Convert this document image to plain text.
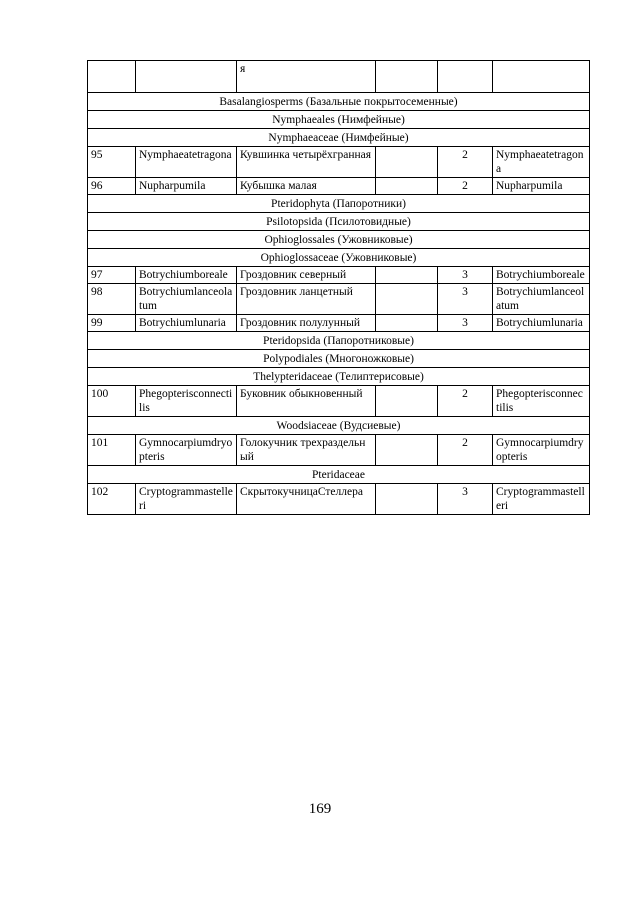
		я			
Basalangiosperms (Базальные покрытосеменные)					
Nymphaeales (Нимфейные)					
Nymphaeaceae (Нимфейные)					
95	Nymphaeatetragona	Кувшинка четырёхгранная		2	Nymphaeatetragona
96	Nupharpumila	Кубышка малая		2	Nupharpumila
Pteridophyta (Папоротники)					
Psilotopsida (Псилотовидные)					
Ophioglossales (Ужовниковые)					
Ophioglossaceae (Ужовниковые)					
97	Botrychiumboreale	Гроздовник северный		3	Botrychiumboreale
98	Botrychiumlanceolatum	Гроздовник ланцетный		3	Botrychiumlanceolatum
99	Botrychiumlunaria	Гроздовник полулунный		3	Botrychiumlunaria
Pteridopsida (Папоротниковые)					
Polypodiales (Многоножковые)					
Thelypteridaceae (Телиптерисовые)					
100	Phegopterisconnectilis	Буковник обыкновенный		2	Phegopterisconnectilis
Woodsiaceae (Вудсиевые)					
101	Gymnocarpiumdryopteris	Голокучник трехраздельный		2	Gymnocarpiumdryopteris
Pteridaceae					
102	Cryptogrammastelleri	СкрытокучницаСтеллера		3	Cryptogrammastelleri
169
